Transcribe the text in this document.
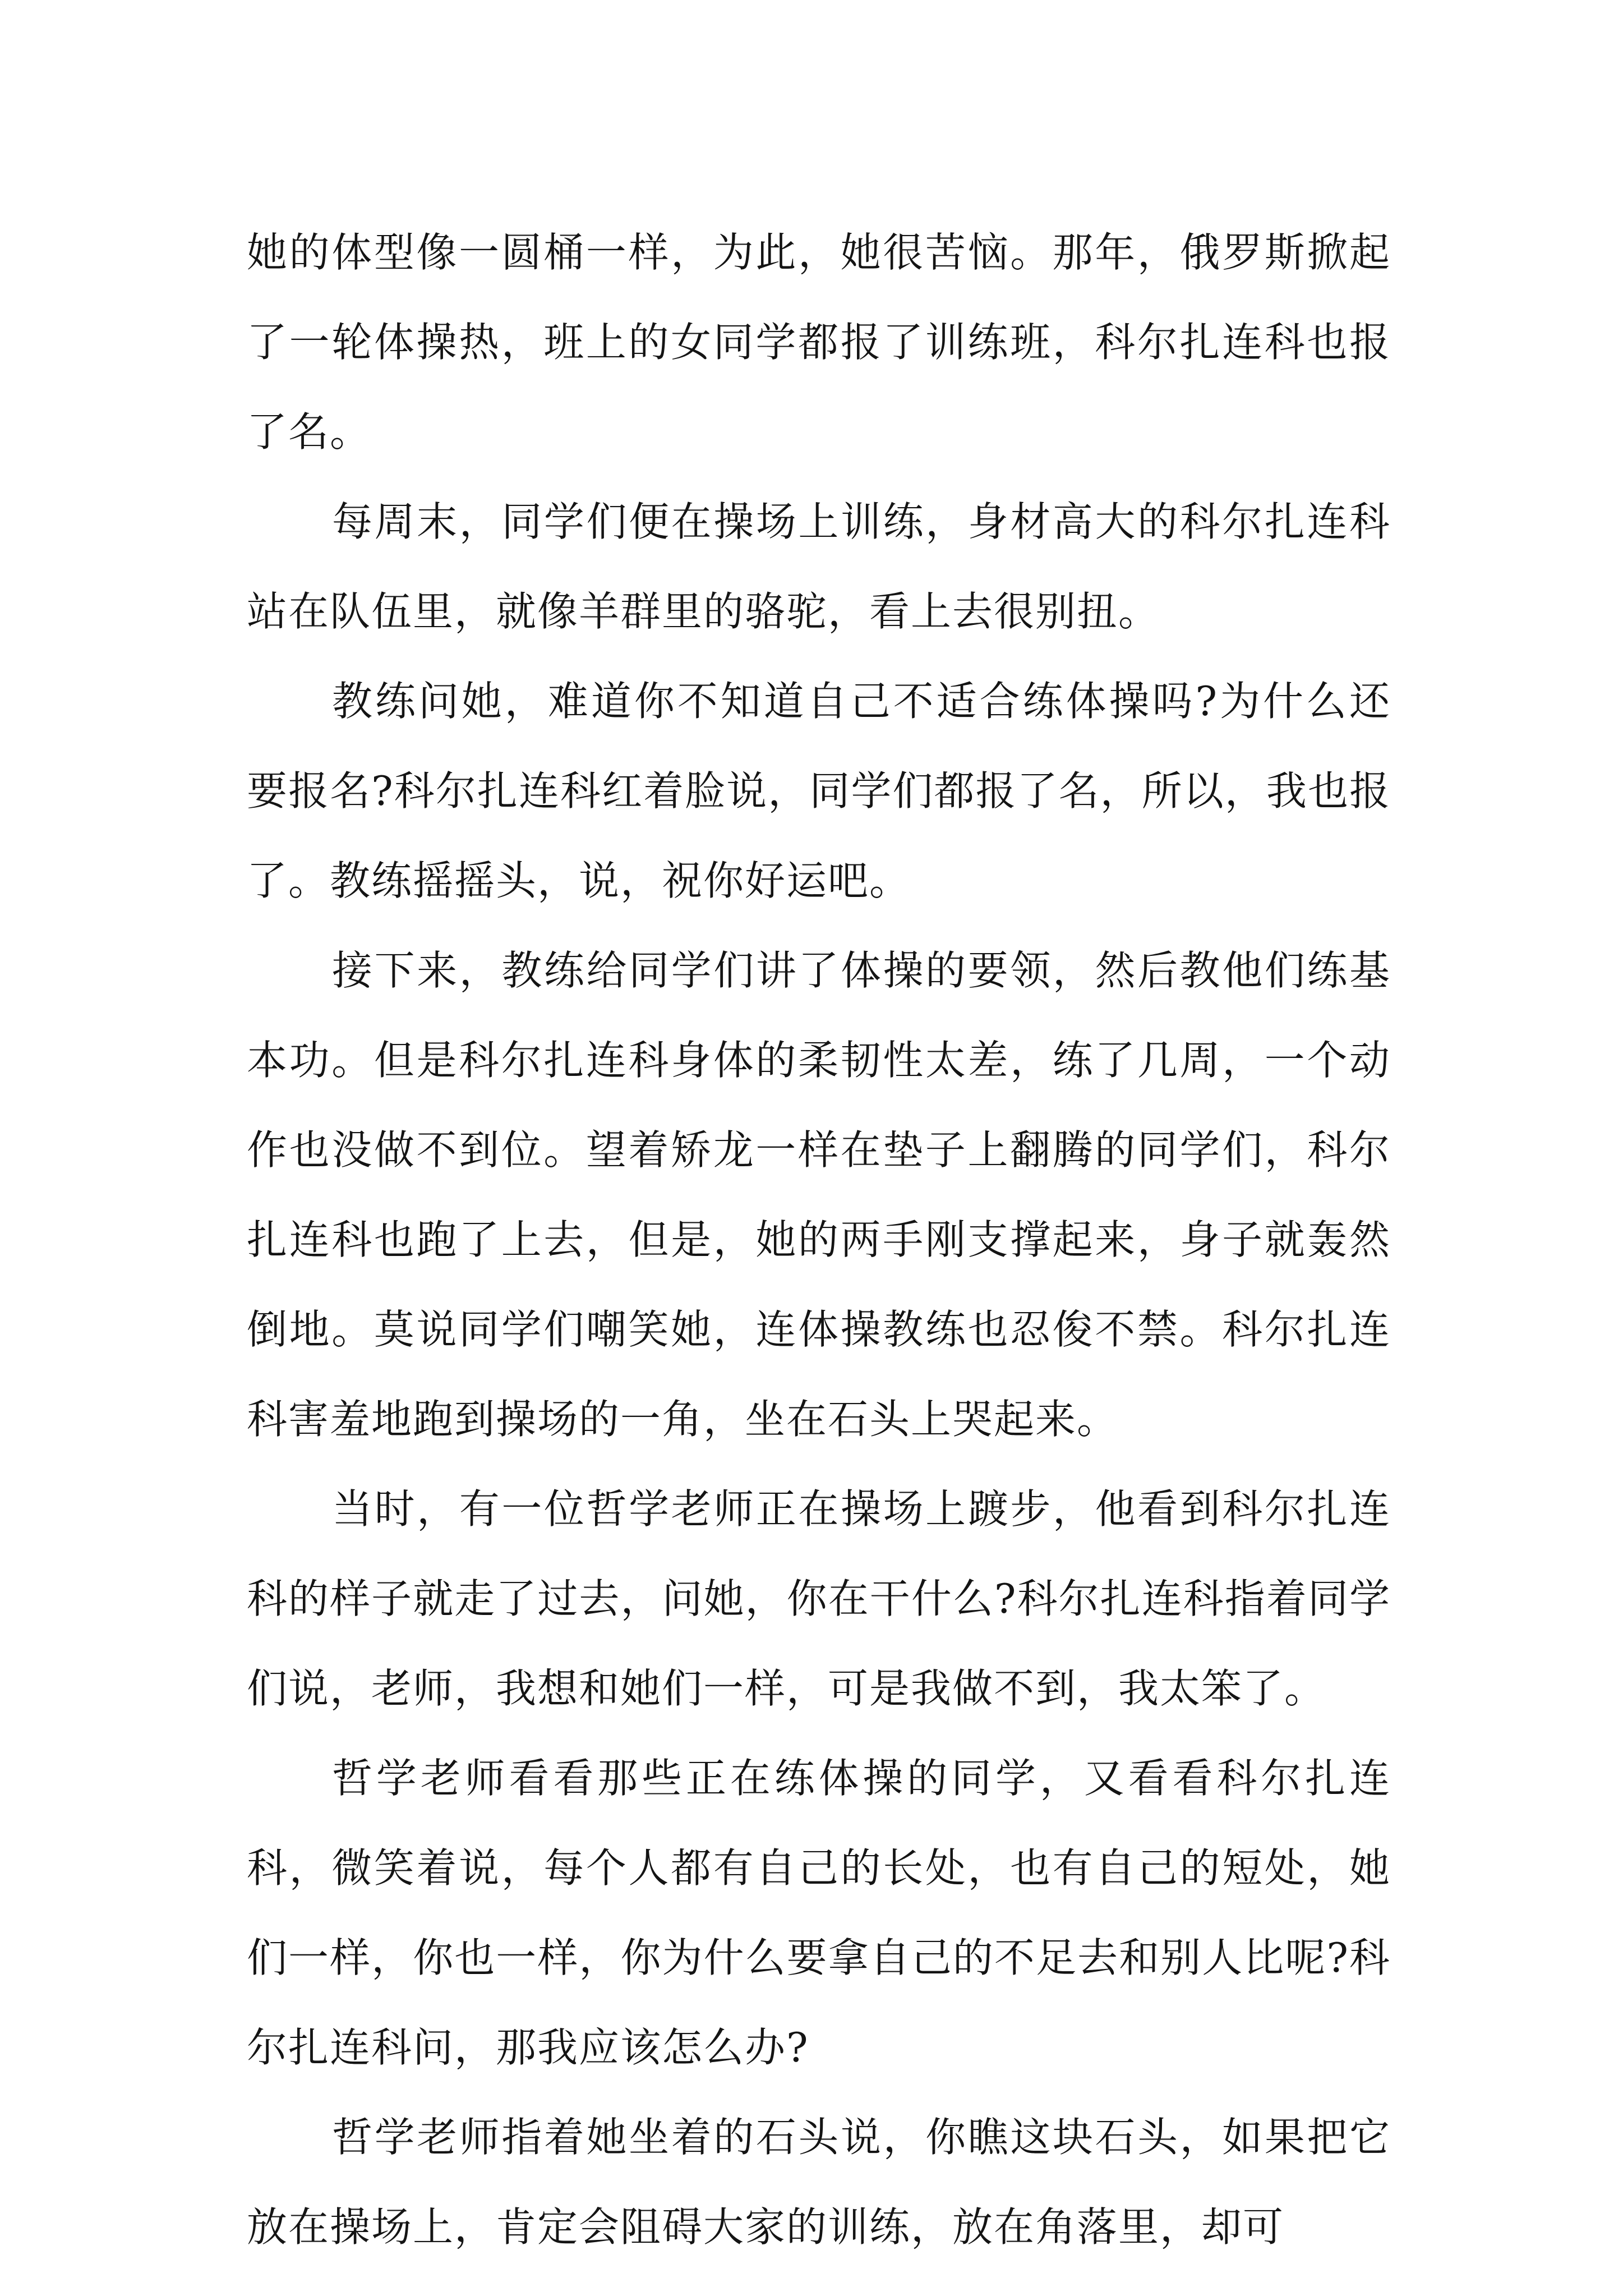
她的体型像一圆桶一样，为此，她很苦恼。那年，俄罗斯掀起了一轮体操热，班上的女同学都报了训练班，科尔扎连科也报了名。

每周末，同学们便在操场上训练，身材高大的科尔扎连科站在队伍里，就像羊群里的骆驼，看上去很别扭。

教练问她，难道你不知道自己不适合练体操吗?为什么还要报名?科尔扎连科红着脸说，同学们都报了名，所以，我也报了。教练摇摇头，说，祝你好运吧。

接下来，教练给同学们讲了体操的要领，然后教他们练基本功。但是科尔扎连科身体的柔韧性太差，练了几周，一个动作也没做不到位。望着矫龙一样在垫子上翻腾的同学们，科尔扎连科也跑了上去，但是，她的两手刚支撑起来，身子就轰然倒地。莫说同学们嘲笑她，连体操教练也忍俊不禁。科尔扎连科害羞地跑到操场的一角，坐在石头上哭起来。

当时，有一位哲学老师正在操场上踱步，他看到科尔扎连科的样子就走了过去，问她，你在干什么?科尔扎连科指着同学们说，老师，我想和她们一样，可是我做不到，我太笨了。

哲学老师看看那些正在练体操的同学，又看看科尔扎连科，微笑着说，每个人都有自己的长处，也有自己的短处，她们一样，你也一样，你为什么要拿自己的不足去和别人比呢?科尔扎连科问，那我应该怎么办?

哲学老师指着她坐着的石头说，你瞧这块石头，如果把它放在操场上，肯定会阻碍大家的训练，放在角落里，却可
